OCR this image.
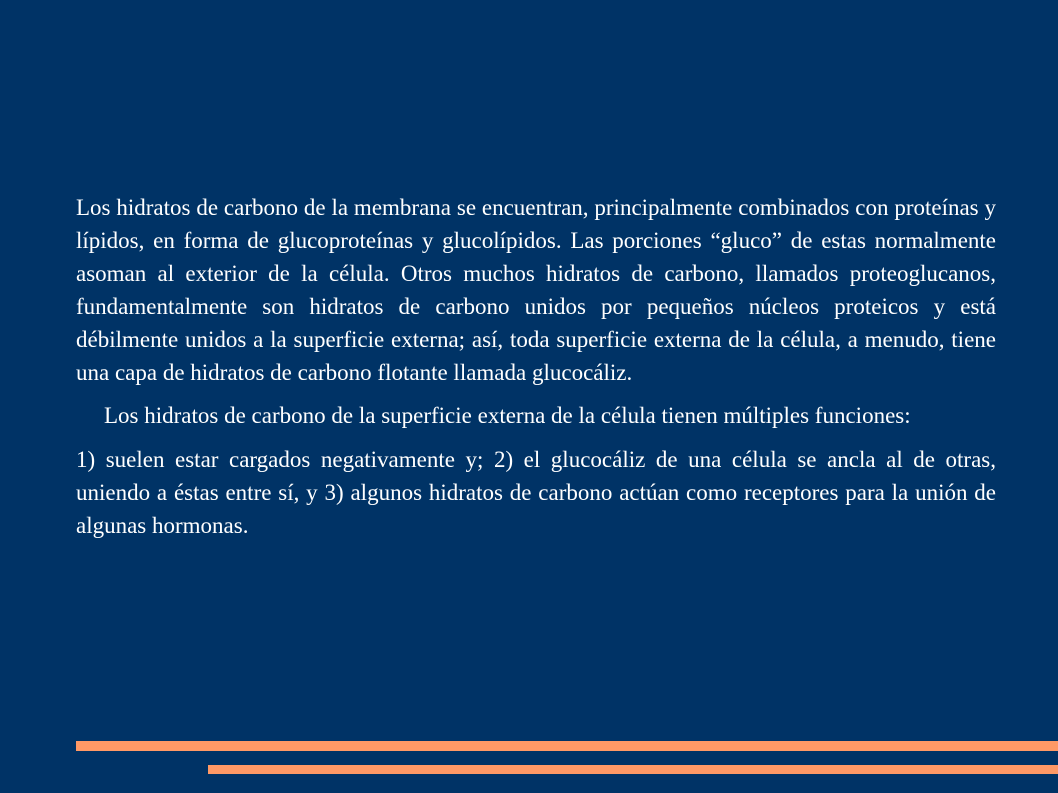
Los hidratos de carbono de la membrana se encuentran, principalmente combinados con proteínas y lípidos, en forma de glucoproteínas y glucolípidos. Las porciones “gluco” de estas normalmente asoman al exterior de la célula. Otros muchos hidratos de carbono, llamados proteoglucanos, fundamentalmente son hidratos de carbono unidos por pequeños núcleos proteicos y está débilmente unidos a la superficie externa; así, toda superficie externa de la célula, a menudo, tiene una capa de hidratos de carbono flotante llamada glucocáliz.

Los hidratos de carbono de la superficie externa de la célula tienen múltiples funciones:

1) suelen estar cargados negativamente y; 2) el glucocáliz de una célula se ancla al de otras, uniendo a éstas entre sí, y 3) algunos hidratos de carbono actúan como receptores para la unión de algunas hormonas.
